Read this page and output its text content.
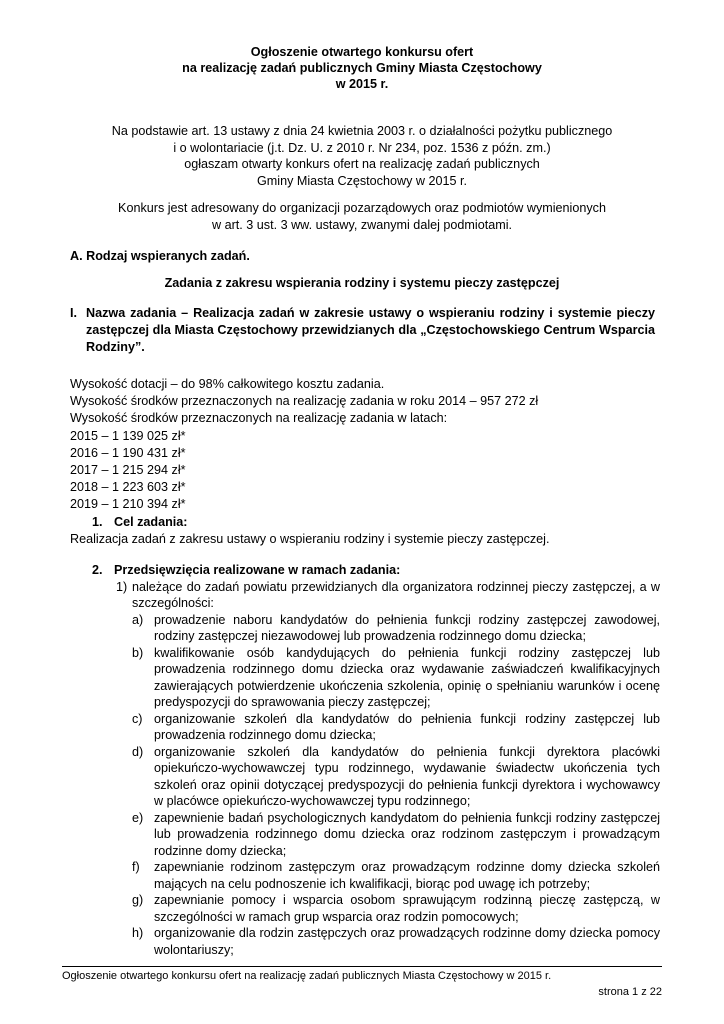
Ogłoszenie otwartego konkursu ofert
na realizację zadań publicznych Gminy Miasta Częstochowy
w 2015 r.
Na podstawie art. 13 ustawy z dnia 24 kwietnia 2003 r. o działalności pożytku publicznego
i o wolontariacie (j.t. Dz. U. z 2010 r. Nr 234, poz. 1536 z późn. zm.)
ogłaszam otwarty konkurs ofert na realizację zadań publicznych
Gminy Miasta Częstochowy w 2015 r.
Konkurs jest adresowany do organizacji pozarządowych oraz podmiotów wymienionych
w art. 3 ust. 3 ww. ustawy, zwanymi dalej podmiotami.
A. Rodzaj wspieranych zadań.
Zadania z zakresu wspierania rodziny i systemu pieczy zastępczej
I. Nazwa zadania – Realizacja zadań w zakresie ustawy o wspieraniu rodziny i systemie pieczy zastępczej dla Miasta Częstochowy przewidzianych dla „Częstochowskiego Centrum Wsparcia Rodziny”.
Wysokość dotacji – do 98% całkowitego kosztu zadania.
Wysokość środków przeznaczonych na realizację zadania w roku 2014 – 957 272 zł
Wysokość środków przeznaczonych na realizację zadania w latach:
2015 – 1 139 025 zł*
2016 – 1 190 431 zł*
2017 – 1 215 294 zł*
2018 – 1 223 603 zł*
2019 – 1 210 394 zł*
1. Cel zadania:
Realizacja zadań z zakresu ustawy o wspieraniu rodziny i systemie pieczy zastępczej.
2. Przedsięwzięcia realizowane w ramach zadania:
1) należące do zadań powiatu przewidzianych dla organizatora rodzinnej pieczy zastępczej, a w szczególności:
a) prowadzenie naboru kandydatów do pełnienia funkcji rodziny zastępczej zawodowej, rodziny zastępczej niezawodowej lub prowadzenia rodzinnego domu dziecka;
b) kwalifikowanie osób kandydujących do pełnienia funkcji rodziny zastępczej lub prowadzenia rodzinnego domu dziecka oraz wydawanie zaświadczeń kwalifikacyjnych zawierających potwierdzenie ukończenia szkolenia, opinię o spełnianiu warunków i ocenę predyspozycji do sprawowania pieczy zastępczej;
c) organizowanie szkoleń dla kandydatów do pełnienia funkcji rodziny zastępczej lub prowadzenia rodzinnego domu dziecka;
d) organizowanie szkoleń dla kandydatów do pełnienia funkcji dyrektora placówki opiekuńczo-wychowawczej typu rodzinnego, wydawanie świadectw ukończenia tych szkoleń oraz opinii dotyczącej predyspozycji do pełnienia funkcji dyrektora i wychowawcy w placówce opiekuńczo-wychowawczej typu rodzinnego;
e) zapewnienie badań psychologicznych kandydatom do pełnienia funkcji rodziny zastępczej lub prowadzenia rodzinnego domu dziecka oraz rodzinom zastępczym i prowadzącym rodzinne domy dziecka;
f) zapewnianie rodzinom zastępczym oraz prowadzącym rodzinne domy dziecka szkoleń mających na celu podnoszenie ich kwalifikacji, biorąc pod uwagę ich potrzeby;
g) zapewnianie pomocy i wsparcia osobom sprawującym rodzinną pieczę zastępczą, w szczególności w ramach grup wsparcia oraz rodzin pomocowych;
h) organizowanie dla rodzin zastępczych oraz prowadzących rodzinne domy dziecka pomocy wolontariuszy;
Ogłoszenie otwartego konkursu ofert na realizację zadań publicznych Miasta Częstochowy w 2015 r.
strona 1 z 22
